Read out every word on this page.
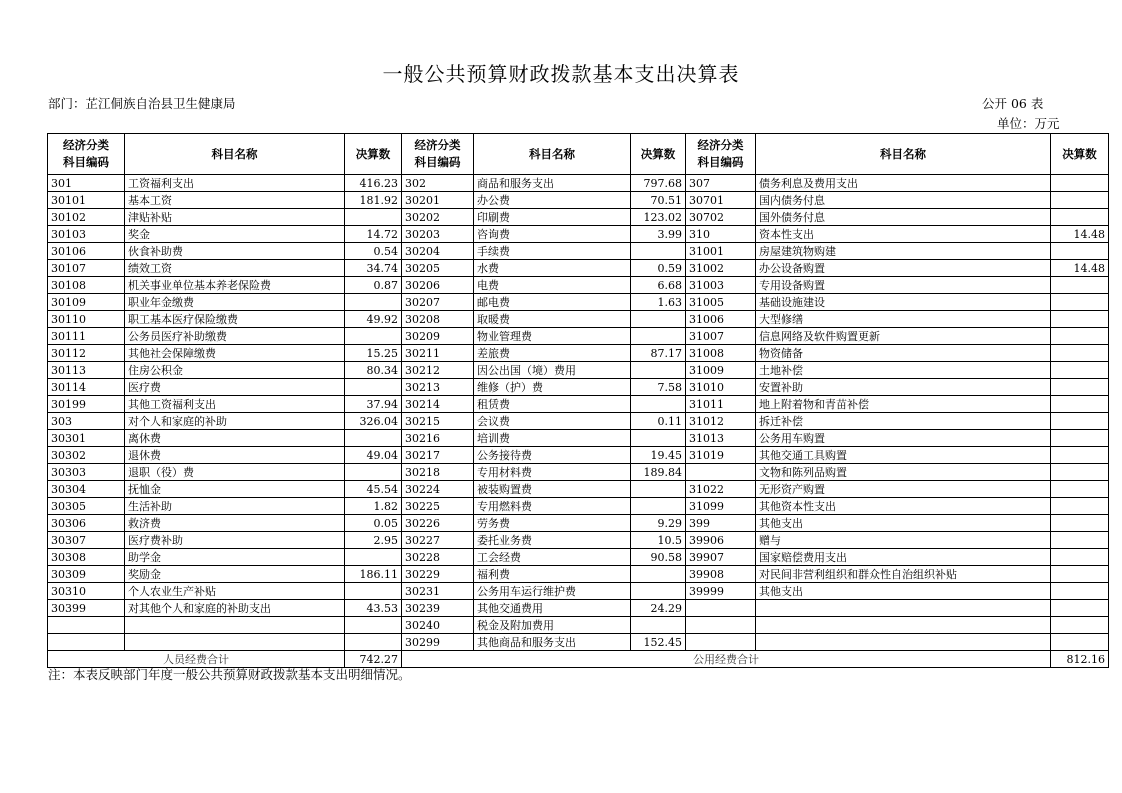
一般公共预算财政拨款基本支出决算表
部门：芷江侗族自治县卫生健康局	公开 06 表
单位：万元
经济分类
科目编码	科目名称	决算数	经济分类
科目编码	科目名称	决算数	经济分类
科目编码	科目名称	决算数
301	工资福利支出	416.23	302	商品和服务支出	797.68	307	债务利息及费用支出	
30101	基本工资	181.92	30201	办公费	70.51	30701	国内债务付息	
30102	津贴补贴		30202	印刷费	123.02	30702	国外债务付息	
30103	奖金	14.72	30203	咨询费	3.99	310	资本性支出	14.48
30106	伙食补助费	0.54	30204	手续费		31001	房屋建筑物购建	
30107	绩效工资	34.74	30205	水费	0.59	31002	办公设备购置	14.48
30108	机关事业单位基本养老保险费	0.87	30206	电费	6.68	31003	专用设备购置	
30109	职业年金缴费		30207	邮电费	1.63	31005	基础设施建设	
30110	职工基本医疗保险缴费	49.92	30208	取暖费		31006	大型修缮	
30111	公务员医疗补助缴费		30209	物业管理费		31007	信息网络及软件购置更新	
30112	其他社会保障缴费	15.25	30211	差旅费	87.17	31008	物资储备	
30113	住房公积金	80.34	30212	因公出国（境）费用		31009	土地补偿	
30114	医疗费		30213	维修（护）费	7.58	31010	安置补助	
30199	其他工资福利支出	37.94	30214	租赁费		31011	地上附着物和青苗补偿	
303	对个人和家庭的补助	326.04	30215	会议费	0.11	31012	拆迁补偿	
30301	离休费		30216	培训费		31013	公务用车购置	
30302	退休费	49.04	30217	公务接待费	19.45	31019	其他交通工具购置	
30303	退职（役）费		30218	专用材料费	189.84		文物和陈列品购置	
30304	抚恤金	45.54	30224	被装购置费		31022	无形资产购置	
30305	生活补助	1.82	30225	专用燃料费		31099	其他资本性支出	
30306	救济费	0.05	30226	劳务费	9.29	399	其他支出	
30307	医疗费补助	2.95	30227	委托业务费	10.5	39906	赠与	
30308	助学金		30228	工会经费	90.58	39907	国家赔偿费用支出	
30309	奖励金	186.11	30229	福利费		39908	对民间非营利组织和群众性自治组织补贴	
30310	个人农业生产补贴		30231	公务用车运行维护费		39999	其他支出	
30399	对其他个人和家庭的补助支出	43.53	30239	其他交通费用	24.29			
			30240	税金及附加费用				
			30299	其他商品和服务支出	152.45			
人员经费合计		742.27	公用经费合计					812.16
注：本表反映部门年度一般公共预算财政拨款基本支出明细情况。
